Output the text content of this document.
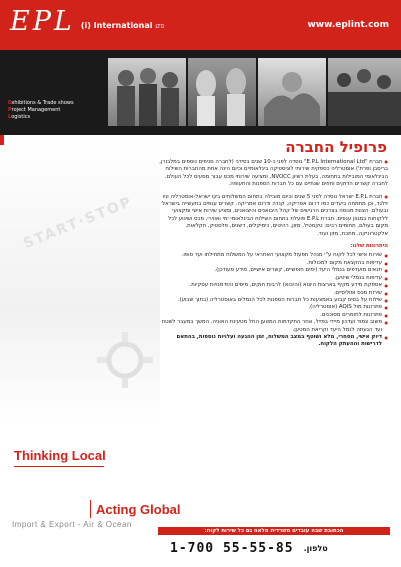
EPL (i) International LTD	www.eplint.com
Exhibitions & Trade shows
Project Management
Logistics
START·STOP
Thinking Local
Acting Global
Import & Export - Air & Ocean
פרופיל החברה

● חברת "E.P.L International Ltd" נוסדה לפני כ-10 שנים בסידני (לחברה סניפים נוספים במלבורן, בריסבן ופרת') אוסטרליה כספקית שירותי לוגיסטיקה בינלאומיים וכיום הינה אחת מהחברות השילוח הבינלאומי המובילות בתחומה, בעלת רשיון NVOCC, ומציעה שירותי מכס עבור מסעים לכל העולם. לחברה קשרים הדוקים וחוזים שנתיים עם כל חברות הספנות והתעופה.

● חברת E.P.L ישראל נוסדה לפני 5 שנים וכיום מובילה בתחום המשלוחים בקו ישראל-אוסטרליה וניו זילנד, וכן מתמחה ביעדים כמו דרום אפריקה, קנדה ודרום אמריקה. קשרים ענפים בתעשייה בישראל ובעולם. הצוות מנוסה בצרכים הרגישים של קהל היבואנים והיצואנים, ומציע שירות אישי ומקצועי ללקוחות במגוון ענפים. חברת E.P.L פועלת בתחום השילוח הבינלאומי ימי ואווירי, מכס ושינוע לכל מקום בעולם, תחומים רבים: טקסטיל, מזון, רהיטים, כימיקלים, דשנים, פלסטיק, חקלאות, אלקטרוניקה, מתכת, מזון ועוד.

היתרונות שלנו:
● שירות אישי לכל לקוח ע"י מנהל תפעול מקצועי האחראי על המשלוח מתחילתו ועד סופו.
● עדיפות בהקצאת מקום למכולות.
● תנאים מועדפים בנמלי היעד (ימים חופשיים, קשרים אישיים, מידע מעודכן).
● עדיפות בנמלי שיטען.
● אספקת מידע מקיף בארצות היצוא (והיבוא) לרבות חוקים, מיסים והזדמנויות עסקיות.
● שירות מכס ופוליסיים.
● שילוח על בסיס קבוע באמצעות כל חברות הספנות לכל הנמלים באוסטרליה (בתוך שבוע).
● פתרונות מול AQIS (אוסטרליה).
● פתרונות לחומרים מסוכנים.
● משוב צמוד ועדכון מיידי במייל, אחר התקדמות המטען החל מטעינת האוניה, המשך במעבר לשטח ועד הגעתה לנמל היעד וקריאת המטען.
● דיוק אישי, מסחרי, מלא ושוטף במצב המשלוח, זמן ההגעה ועלויות נוספות, בהתאם לדרישות וההעתק הלקוח.
הכתובת שבה עובדים משרדית מלאה גם כל שירות לקוח:
1-700 55-55-85 טלפון.
